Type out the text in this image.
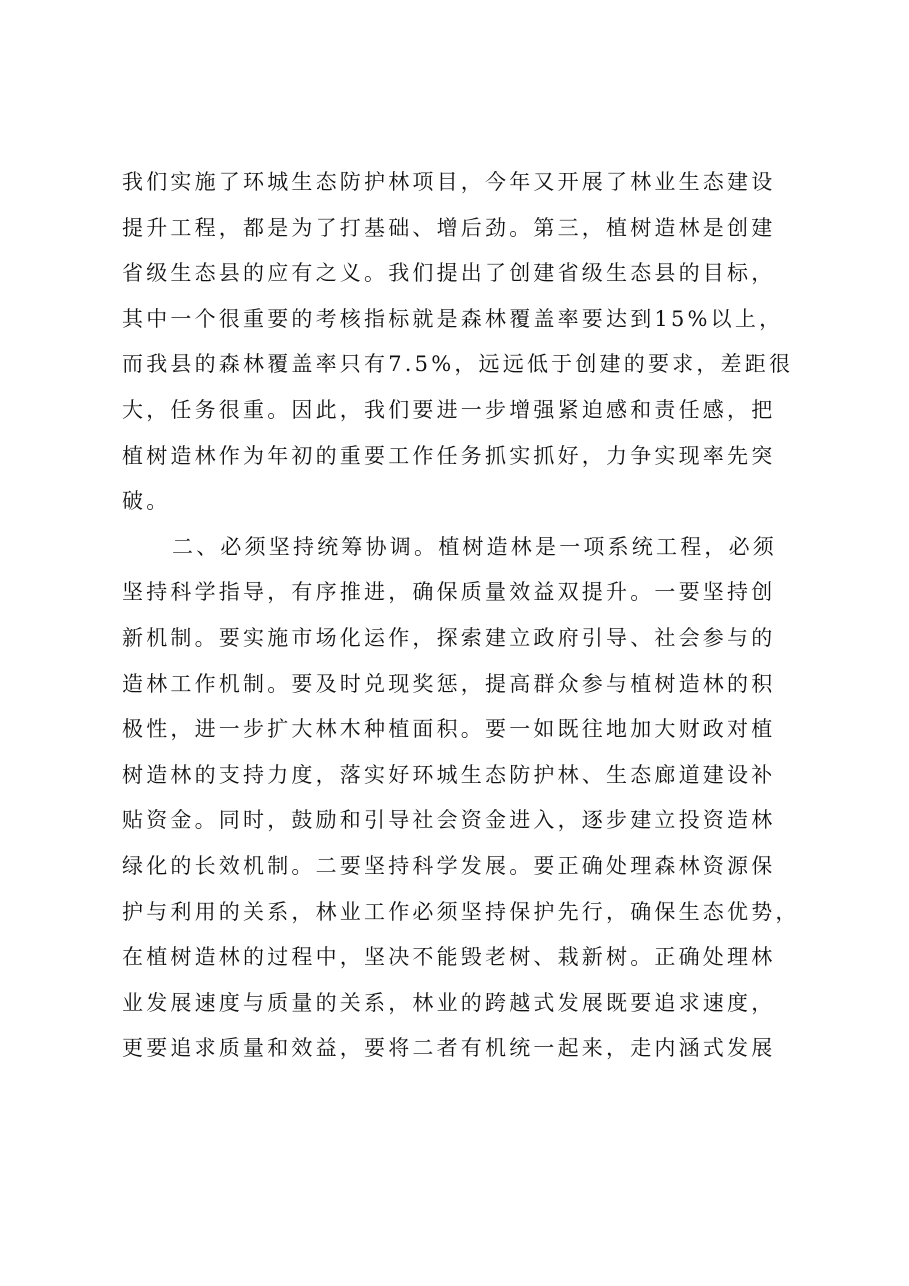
我们实施了环城生态防护林项目，今年又开展了林业生态建设
提升工程，都是为了打基础、增后劲。第三，植树造林是创建
省级生态县的应有之义。我们提出了创建省级生态县的目标，
其中一个很重要的考核指标就是森林覆盖率要达到15%以上，
而我县的森林覆盖率只有7.5%，远远低于创建的要求，差距很
大，任务很重。因此，我们要进一步增强紧迫感和责任感，把
植树造林作为年初的重要工作任务抓实抓好，力争实现率先突
破。
二、必须坚持统筹协调。植树造林是一项系统工程，必须
坚持科学指导，有序推进，确保质量效益双提升。一要坚持创
新机制。要实施市场化运作，探索建立政府引导、社会参与的
造林工作机制。要及时兑现奖惩，提高群众参与植树造林的积
极性，进一步扩大林木种植面积。要一如既往地加大财政对植
树造林的支持力度，落实好环城生态防护林、生态廊道建设补
贴资金。同时，鼓励和引导社会资金进入，逐步建立投资造林
绿化的长效机制。二要坚持科学发展。要正确处理森林资源保
护与利用的关系，林业工作必须坚持保护先行，确保生态优势，
在植树造林的过程中，坚决不能毁老树、栽新树。正确处理林
业发展速度与质量的关系，林业的跨越式发展既要追求速度，
更要追求质量和效益，要将二者有机统一起来，走内涵式发展
